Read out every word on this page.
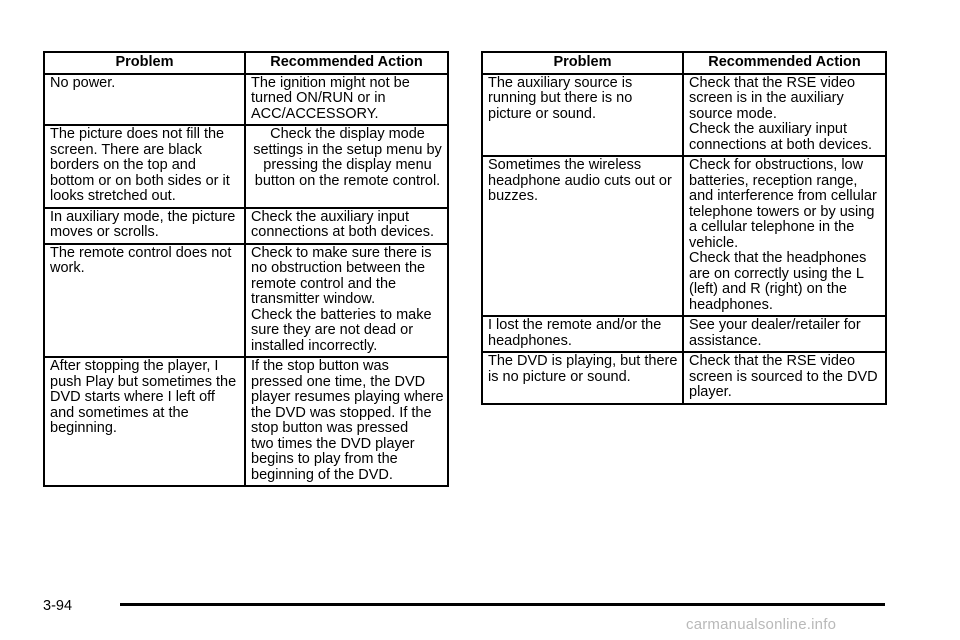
Problem	Recommended Action
No power.	The ignition might not be
turned ON/RUN or in
ACC/ACCESSORY.

The picture does not fill the screen. There are black borders on the top and bottom or on both sides or it looks stretched out.	Check the display mode settings in the setup menu by pressing the display menu button on the remote control.

In auxiliary mode, the picture moves or scrolls.	Check the auxiliary input connections at both devices.

The remote control does not work.	Check to make sure there is no obstruction between the remote control and the transmitter window.
Check the batteries to make sure they are not dead or installed incorrectly.

After stopping the player, I push Play but sometimes the DVD starts where I left off and sometimes at the beginning.	If the stop button was pressed one time, the DVD player resumes playing where the DVD was stopped. If the stop button was pressed
two times the DVD player begins to play from the beginning of the DVD.
Problem	Recommended Action
The auxiliary source is running but there is no picture or sound.	Check that the RSE video screen is in the auxiliary source mode.
Check the auxiliary input connections at both devices.

Sometimes the wireless headphone audio cuts out or buzzes.	Check for obstructions, low batteries, reception range, and interference from cellular telephone towers or by using a cellular telephone in the vehicle.
Check that the headphones are on correctly using the L (left) and R (right) on the headphones.

I lost the remote and/or the headphones.	See your dealer/retailer for assistance.

The DVD is playing, but there is no picture or sound.	Check that the RSE video screen is sourced to the DVD player.
3-94
carmanualsonline.info
